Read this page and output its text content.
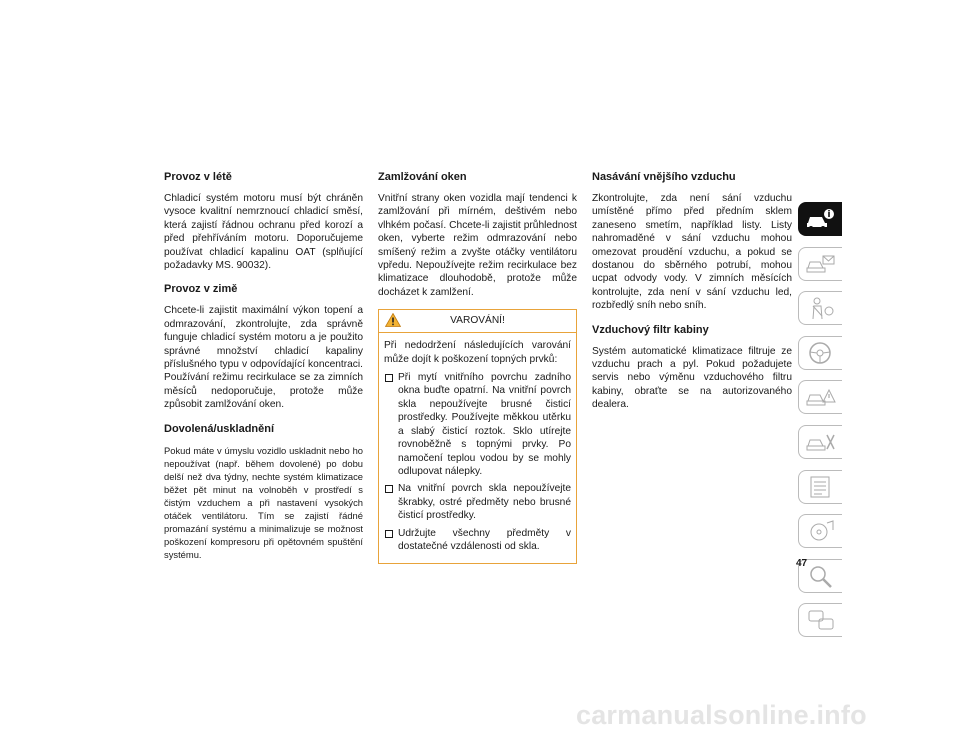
Provoz v létě

Chladicí systém motoru musí být chráněn vysoce kvalitní nemrznoucí chladicí směsí, která zajistí řádnou ochranu před korozí a před přehříváním motoru. Doporučujeme používat chladicí kapalinu OAT (splňující požadavky MS. 90032).

Provoz v zimě

Chcete-li zajistit maximální výkon topení a odmrazování, zkontrolujte, zda správně funguje chladicí systém motoru a je použito správné množství chladicí kapaliny příslušného typu v odpovídající koncentraci. Používání režimu recirkulace se za zimních měsíců nedoporučuje, protože může způsobit zamlžování oken.

Dovolená/uskladnění

Pokud máte v úmyslu vozidlo uskladnit nebo ho nepoužívat (např. během dovolené) po dobu delší než dva týdny, nechte systém klimatizace běžet pět minut na volnoběh v prostředí s čistým vzduchem a při nastavení vysokých otáček ventilátoru. Tím se zajistí řádné promazání systému a minimalizuje se možnost poškození kompresoru při opětovném spuštění systému.

Zamlžování oken

Vnitřní strany oken vozidla mají tendenci k zamlžování při mírném, deštivém nebo vlhkém počasí. Chcete-li zajistit průhlednost oken, vyberte režim odmrazování nebo smíšený režim a zvyšte otáčky ventilátoru vpředu. Nepoužívejte režim recirkulace bez klimatizace dlouhodobě, protože může docházet k zamlžení.

VAROVÁNÍ!

Při nedodržení následujících varování může dojít k poškození topných prvků:

Při mytí vnitřního povrchu zadního okna buďte opatrní. Na vnitřní povrch skla nepoužívejte brusné čisticí prostředky. Používejte měkkou utěrku a slabý čisticí roztok. Sklo utírejte rovnoběžně s topnými prvky. Po namočení teplou vodou by se mohly odlupovat nálepky.
Na vnitřní povrch skla nepoužívejte škrabky, ostré předměty nebo brusné čisticí prostředky.
Udržujte všechny předměty v dostatečné vzdálenosti od skla.
Nasávání vnějšího vzduchu

Zkontrolujte, zda není sání vzduchu umístěné přímo před předním sklem zaneseno smetím, například listy. Listy nahromaděné v sání vzduchu mohou omezovat proudění vzduchu, a pokud se dostanou do sběrného potrubí, mohou ucpat odvody vody. V zimních měsících kontrolujte, zda není v sání vzduchu led, rozbředlý sníh nebo sníh.

Vzduchový filtr kabiny

Systém automatické klimatizace filtruje ze vzduchu prach a pyl. Pokud požadujete servis nebo výměnu vzduchového filtru kabiny, obraťte se na autorizovaného dealera.

47
carmanualsonline.info
